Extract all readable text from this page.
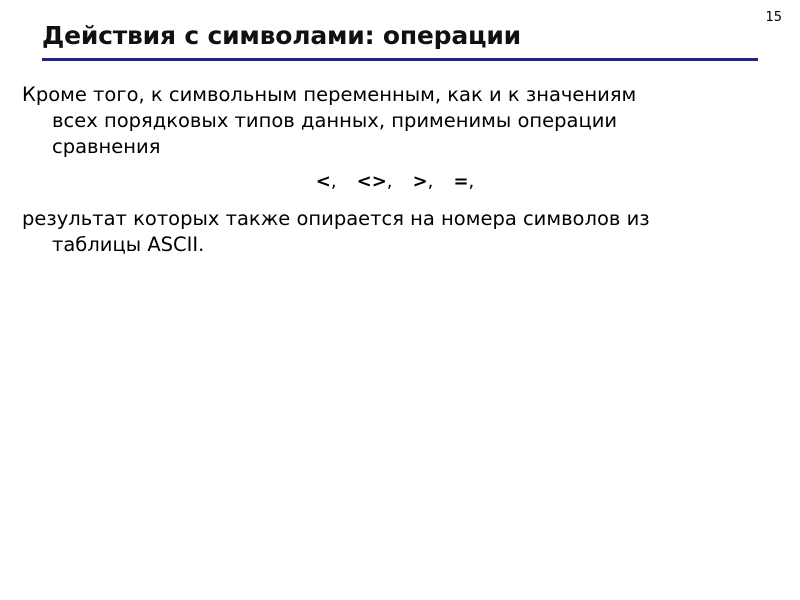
15
Действия с символами: операции

Кроме того, к символьным переменным, как и к значениям
всех порядковых типов данных, применимы операции
сравнения

<, <>, >, =,

результат которых также опирается на номера символов из
таблицы ASCII.
